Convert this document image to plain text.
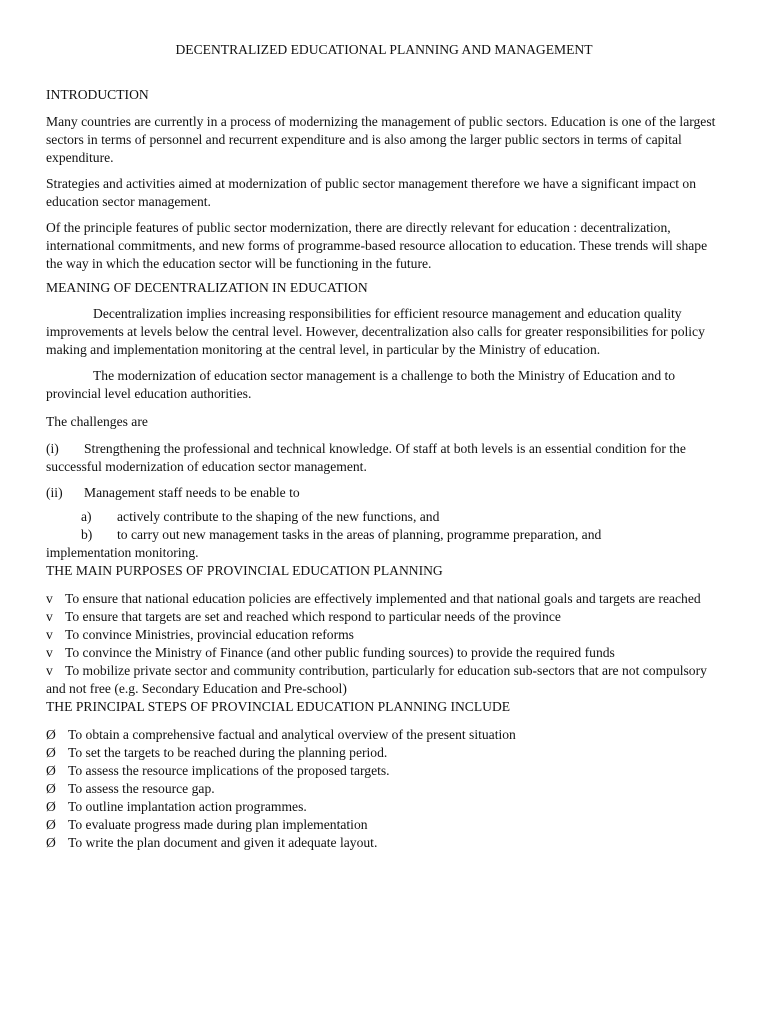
DECENTRALIZED EDUCATIONAL PLANNING AND MANAGEMENT
INTRODUCTION

Many countries are currently in a process of modernizing the management of public sectors. Education is one of the largest sectors in terms of personnel and recurrent expenditure and is also among the larger public sectors in terms of capital expenditure.

Strategies and activities aimed at modernization of public sector management therefore we have a significant impact on education sector management.

Of the principle features of public sector modernization, there are directly relevant for education : decentralization, international commitments, and new forms of programme-based resource allocation to education. These trends will shape the way in which the education sector will be functioning in the future.

MEANING OF DECENTRALIZATION IN EDUCATION

Decentralization implies increasing responsibilities for efficient resource management and education quality improvements at levels below the central level. However, decentralization also calls for greater responsibilities for policy making and implementation monitoring at the central level, in particular by the Ministry of education.

The modernization of education sector management is a challenge to both the Ministry of Education and to provincial level education authorities.

The challenges are

(i) Strengthening the professional and technical knowledge. Of staff at both levels is an essential condition for the successful modernization of education sector management.
(ii)	Management staff needs to be enable to
a)	actively contribute to the shaping of the new functions, and
b)	to carry out new management tasks in the areas of planning, programme preparation, and
implementation monitoring.
THE MAIN PURPOSES OF PROVINCIAL EDUCATION PLANNING
v To ensure that national education policies are effectively implemented and that national goals and targets are reached
v To ensure that targets are set and reached which respond to particular needs of the province
v To convince Ministries, provincial education reforms
v To convince the Ministry of Finance (and other public funding sources) to provide the required funds
v To mobilize private sector and community contribution, particularly for education sub-sectors that are not compulsory and not free (e.g. Secondary Education and Pre-school)
THE PRINCIPAL STEPS OF PROVINCIAL EDUCATION PLANNING INCLUDE
Ø To obtain a comprehensive factual and analytical overview of the present situation
Ø To set the targets to be reached during the planning period.
Ø To assess the resource implications of the proposed targets.
Ø To assess the resource gap.
Ø To outline implantation action programmes.
Ø To evaluate progress made during plan implementation
Ø To write the plan document and given it adequate layout.
